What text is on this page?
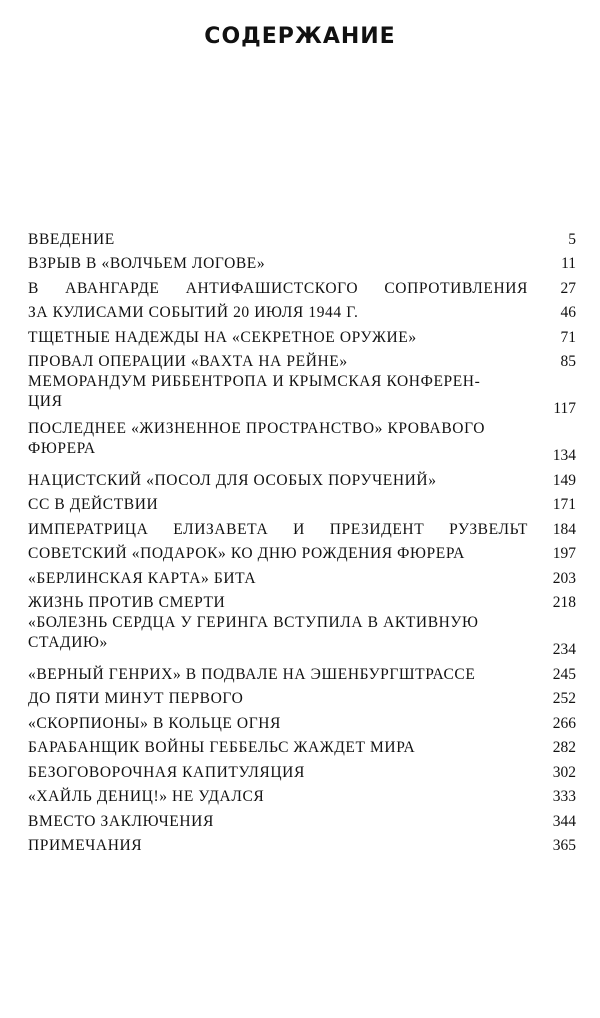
СОДЕРЖАНИЕ
ВВЕДЕНИЕ	5
ВЗРЫВ В «ВОЛЧЬЕМ ЛОГОВЕ»	11
В АВАНГАРДЕ АНТИФАШИСТСКОГО СОПРОТИВЛЕНИЯ	27
ЗА КУЛИСАМИ СОБЫТИЙ 20 ИЮЛЯ 1944 Г.	46
ТЩЕТНЫЕ НАДЕЖДЫ НА «СЕКРЕТНОЕ ОРУЖИЕ»	71
ПРОВАЛ ОПЕРАЦИИ «ВАХТА НА РЕЙНЕ»	85
МЕМОРАНДУМ РИББЕНТРОПА И КРЫМСКАЯ КОНФЕРЕН-
ЦИЯ	117
ПОСЛЕДНЕЕ «ЖИЗНЕННОЕ ПРОСТРАНСТВО» КРОВАВОГО
ФЮРЕРА	134
НАЦИСТСКИЙ «ПОСОЛ ДЛЯ ОСОБЫХ ПОРУЧЕНИЙ»	149
СС В ДЕЙСТВИИ	171
ИМПЕРАТРИЦА ЕЛИЗАВЕТА И ПРЕЗИДЕНТ РУЗВЕЛЬТ	184
СОВЕТСКИЙ «ПОДАРОК» КО ДНЮ РОЖДЕНИЯ ФЮРЕРА	197
«БЕРЛИНСКАЯ КАРТА» БИТА	203
ЖИЗНЬ ПРОТИВ СМЕРТИ	218
«БОЛЕЗНЬ СЕРДЦА У ГЕРИНГА ВСТУПИЛА В АКТИВНУЮ
СТАДИЮ»	234
«ВЕРНЫЙ ГЕНРИХ» В ПОДВАЛЕ НА ЭШЕНБУРГШТРАССЕ	245
ДО ПЯТИ МИНУТ ПЕРВОГО	252
«СКОРПИОНЫ» В КОЛЬЦЕ ОГНЯ	266
БАРАБАНЩИК ВОЙНЫ ГЕББЕЛЬС ЖАЖДЕТ МИРА	282
БЕЗОГОВОРОЧНАЯ КАПИТУЛЯЦИЯ	302
«ХАЙЛЬ ДЕНИЦ!» НЕ УДАЛСЯ	333
ВМЕСТО ЗАКЛЮЧЕНИЯ	344
ПРИМЕЧАНИЯ	365
